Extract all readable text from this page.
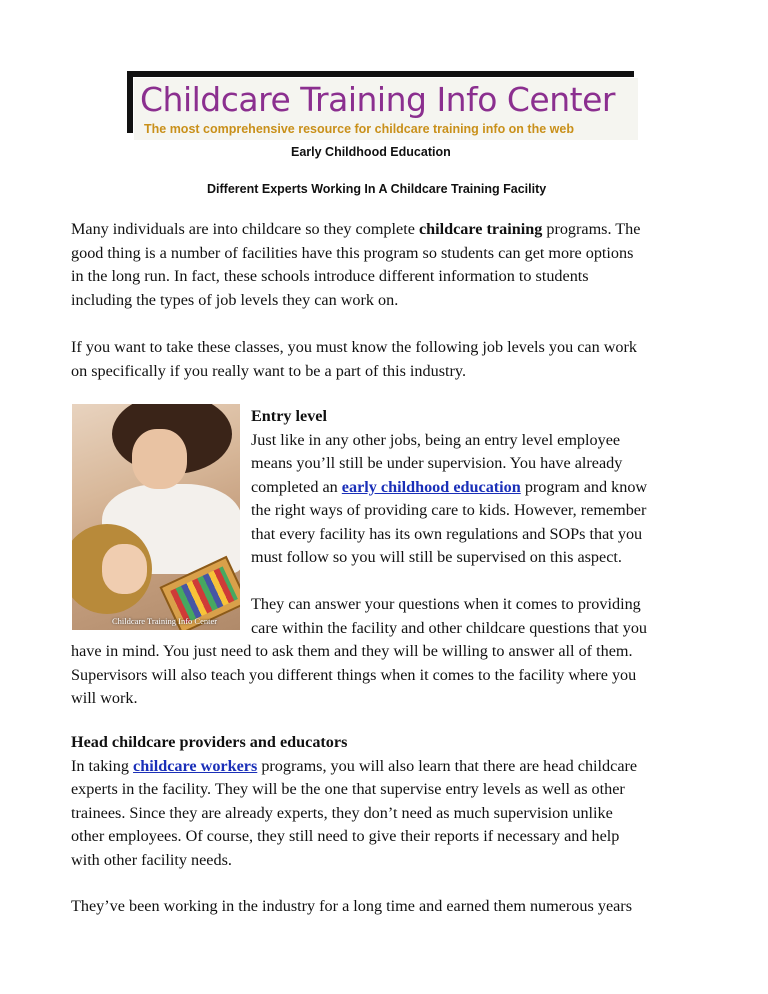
Childcare Training Info Center
The most comprehensive resource for childcare training info on the web
Early Childhood Education
Different Experts Working In A Childcare Training Facility

Many individuals are into childcare so they complete childcare training programs. The
good thing is a number of facilities have this program so students can get more options
in the long run. In fact, these schools introduce different information to students
including the types of job levels they can work on.

If you want to take these classes, you must know the following job levels you can work
on specifically if you really want to be a part of this industry.

Childcare Training Info Center

Entry level
Just like in any other jobs, being an entry level employee
means you’ll still be under supervision. You have already
completed an early childhood education program and know
the right ways of providing care to kids. However, remember
that every facility has its own regulations and SOPs that you
must follow so you will still be supervised on this aspect.

They can answer your questions when it comes to providing
care within the facility and other childcare questions that you

have in mind. You just need to ask them and they will be willing to answer all of them.
Supervisors will also teach you different things when it comes to the facility where you
will work.

Head childcare providers and educators
In taking childcare workers programs, you will also learn that there are head childcare
experts in the facility. They will be the one that supervise entry levels as well as other
trainees. Since they are already experts, they don’t need as much supervision unlike
other employees. Of course, they still need to give their reports if necessary and help
with other facility needs.

They’ve been working in the industry for a long time and earned them numerous years
